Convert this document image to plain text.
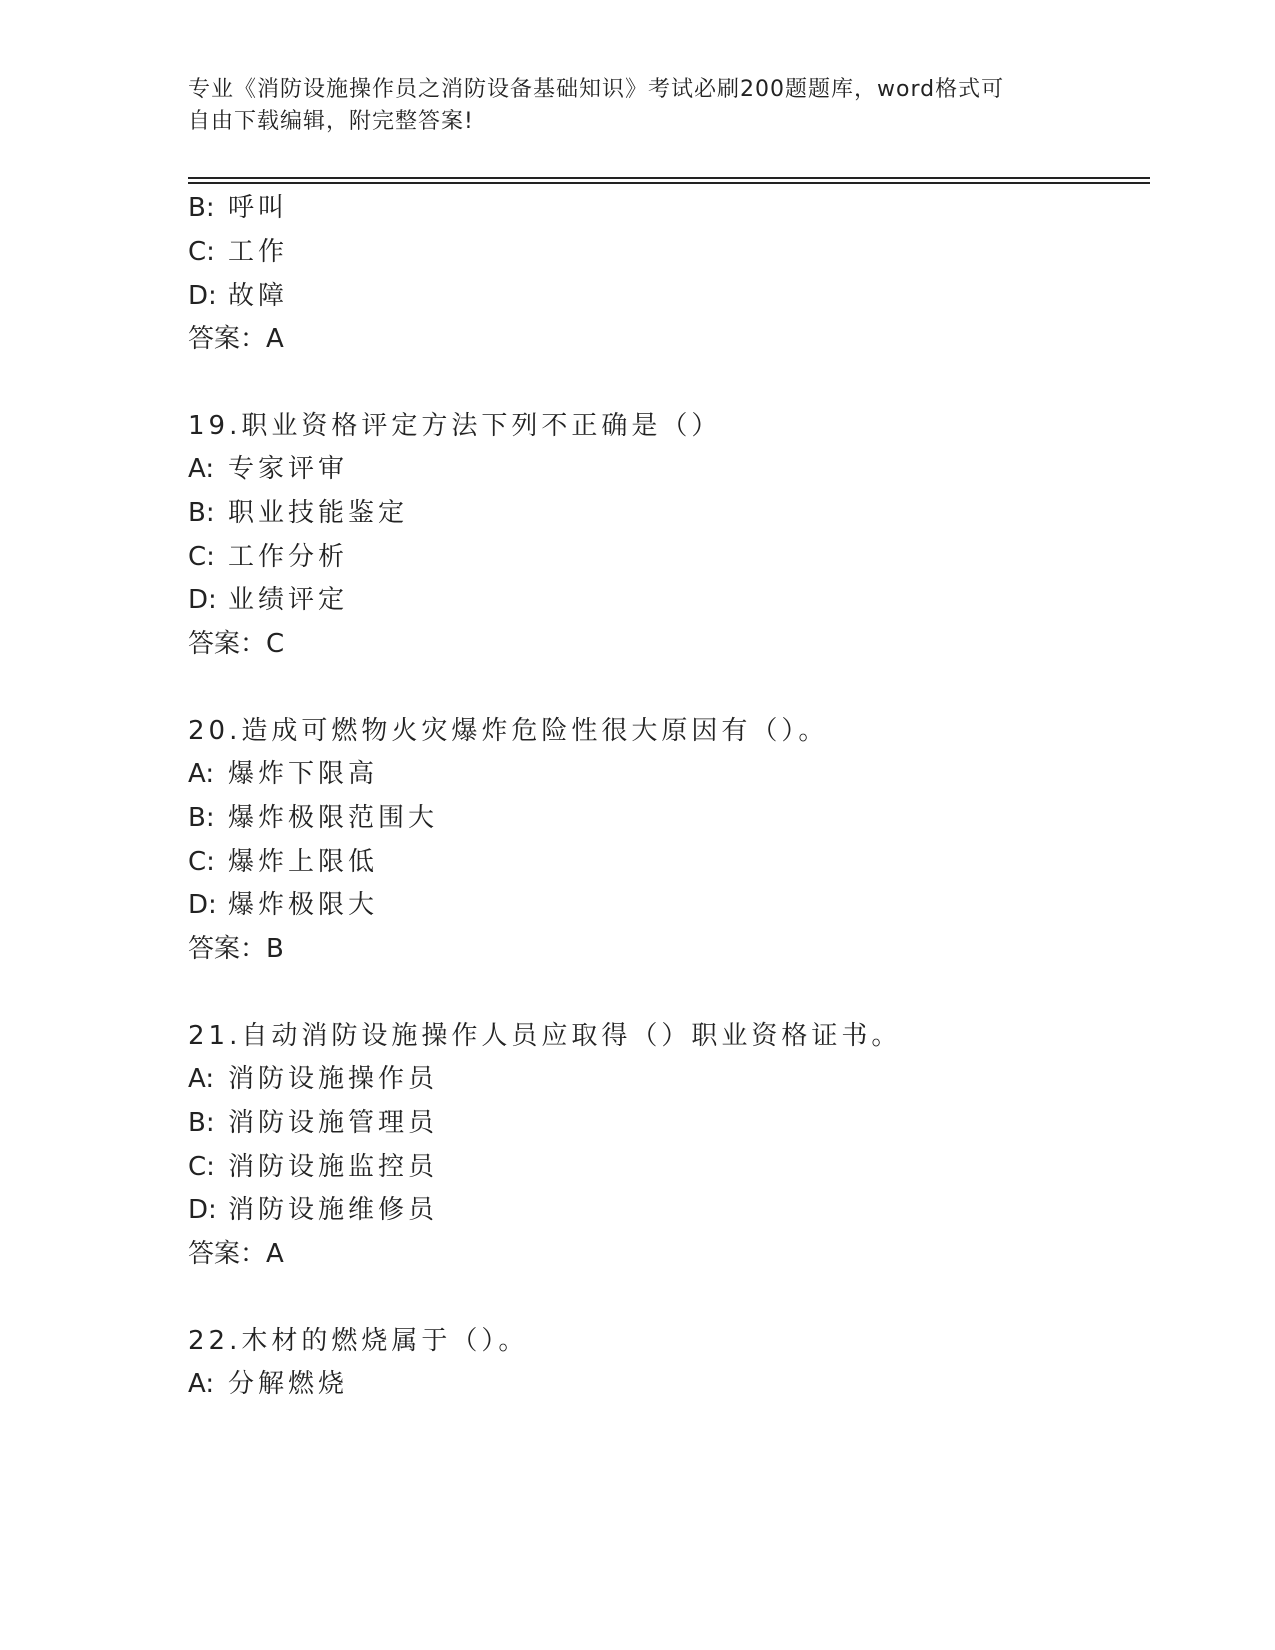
专业《消防设施操作员之消防设备基础知识》考试必刷200题题库，word格式可
自由下载编辑，附完整答案!
B: 呼叫
C: 工作
D: 故障
答案：A
19.职业资格评定方法下列不正确是（）
A: 专家评审
B: 职业技能鉴定
C: 工作分析
D: 业绩评定
答案：C
20.造成可燃物火灾爆炸危险性很大原因有（）。
A: 爆炸下限高
B: 爆炸极限范围大
C: 爆炸上限低
D: 爆炸极限大
答案：B
21.自动消防设施操作人员应取得（）职业资格证书。
A: 消防设施操作员
B: 消防设施管理员
C: 消防设施监控员
D: 消防设施维修员
答案：A
22.木材的燃烧属于（）。
A: 分解燃烧
